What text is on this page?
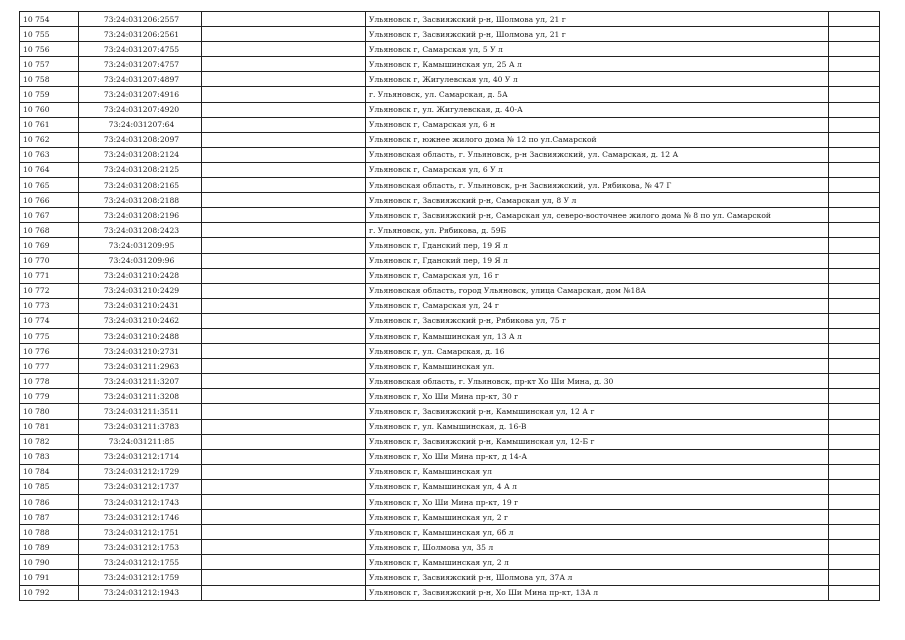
10 754	73:24:031206:2557		Ульяновск г, Засвияжский р-н, Шолмова ул, 21 г	
10 755	73:24:031206:2561		Ульяновск г, Засвияжский р-н, Шолмова ул, 21 г	
10 756	73:24:031207:4755		Ульяновск г, Самарская ул, 5 У л	
10 757	73:24:031207:4757		Ульяновск г, Камышинская ул, 25 А л	
10 758	73:24:031207:4897		Ульяновск г, Жигулевская ул, 40 У л	
10 759	73:24:031207:4916		г. Ульяновск, ул. Самарская, д. 5А	
10 760	73:24:031207:4920		Ульяновск г, ул. Жигулевская, д. 40-А	
10 761	73:24:031207:64		Ульяновск г, Самарская ул, 6 н	
10 762	73:24:031208:2097		Ульяновск г, южнее жилого дома № 12 по ул.Самарской	
10 763	73:24:031208:2124		Ульяновская область, г. Ульяновск, р-н Засвияжский, ул. Самарская, д. 12 А	
10 764	73:24:031208:2125		Ульяновск г, Самарская ул, 6 У л	
10 765	73:24:031208:2165		Ульяновская область, г. Ульяновск, р-н Засвияжский, ул. Рябикова, № 47 Г	
10 766	73:24:031208:2188		Ульяновск г, Засвияжский р-н, Самарская ул, 8 У л	
10 767	73:24:031208:2196		Ульяновск г, Засвияжский р-н, Самарская ул, северо-восточнее жилого дома № 8 по ул. Самарской	
10 768	73:24:031208:2423		г. Ульяновск, ул. Рябикова, д. 59Б	
10 769	73:24:031209:95		Ульяновск г, Гданский пер, 19 Я л	
10 770	73:24:031209:96		Ульяновск г, Гданский пер, 19 Я л	
10 771	73:24:031210:2428		Ульяновск г, Самарская ул, 16 г	
10 772	73:24:031210:2429		Ульяновская область, город Ульяновск, улица Самарская, дом №18А	
10 773	73:24:031210:2431		Ульяновск г, Самарская ул, 24 г	
10 774	73:24:031210:2462		Ульяновск г, Засвияжский р-н, Рябикова ул, 75 г	
10 775	73:24:031210:2488		Ульяновск г, Камышинская ул, 13 А л	
10 776	73:24:031210:2731		Ульяновск г, ул. Самарская, д. 16	
10 777	73:24:031211:2963		Ульяновск г, Камышинская ул.	
10 778	73:24:031211:3207		Ульяновская область, г. Ульяновск, пр-кт Хо Ши Мина, д. 30	
10 779	73:24:031211:3208		Ульяновск г, Хо Ши Мина пр-кт, 30 г	
10 780	73:24:031211:3511		Ульяновск г, Засвияжский р-н, Камышинская ул, 12 А г	
10 781	73:24:031211:3783		Ульяновск г, ул. Камышинская, д. 16-В	
10 782	73:24:031211:85		Ульяновск г, Засвияжский р-н, Камышинская ул, 12-Б г	
10 783	73:24:031212:1714		Ульяновск г, Хо Ши Мина пр-кт, д 14-А	
10 784	73:24:031212:1729		Ульяновск г, Камышинская ул	
10 785	73:24:031212:1737		Ульяновск г, Камышинская ул, 4 А л	
10 786	73:24:031212:1743		Ульяновск г, Хо Ши Мина пр-кт, 19 г	
10 787	73:24:031212:1746		Ульяновск г, Камышинская ул, 2 г	
10 788	73:24:031212:1751		Ульяновск г, Камышинская ул, 6б л	
10 789	73:24:031212:1753		Ульяновск г, Шолмова ул, 35 л	
10 790	73:24:031212:1755		Ульяновск г, Камышинская ул, 2 л	
10 791	73:24:031212:1759		Ульяновск г, Засвияжский р-н, Шолмова ул, 37А л	
10 792	73:24:031212:1943		Ульяновск г, Засвияжский р-н, Хо Ши Мина пр-кт, 13А л	
